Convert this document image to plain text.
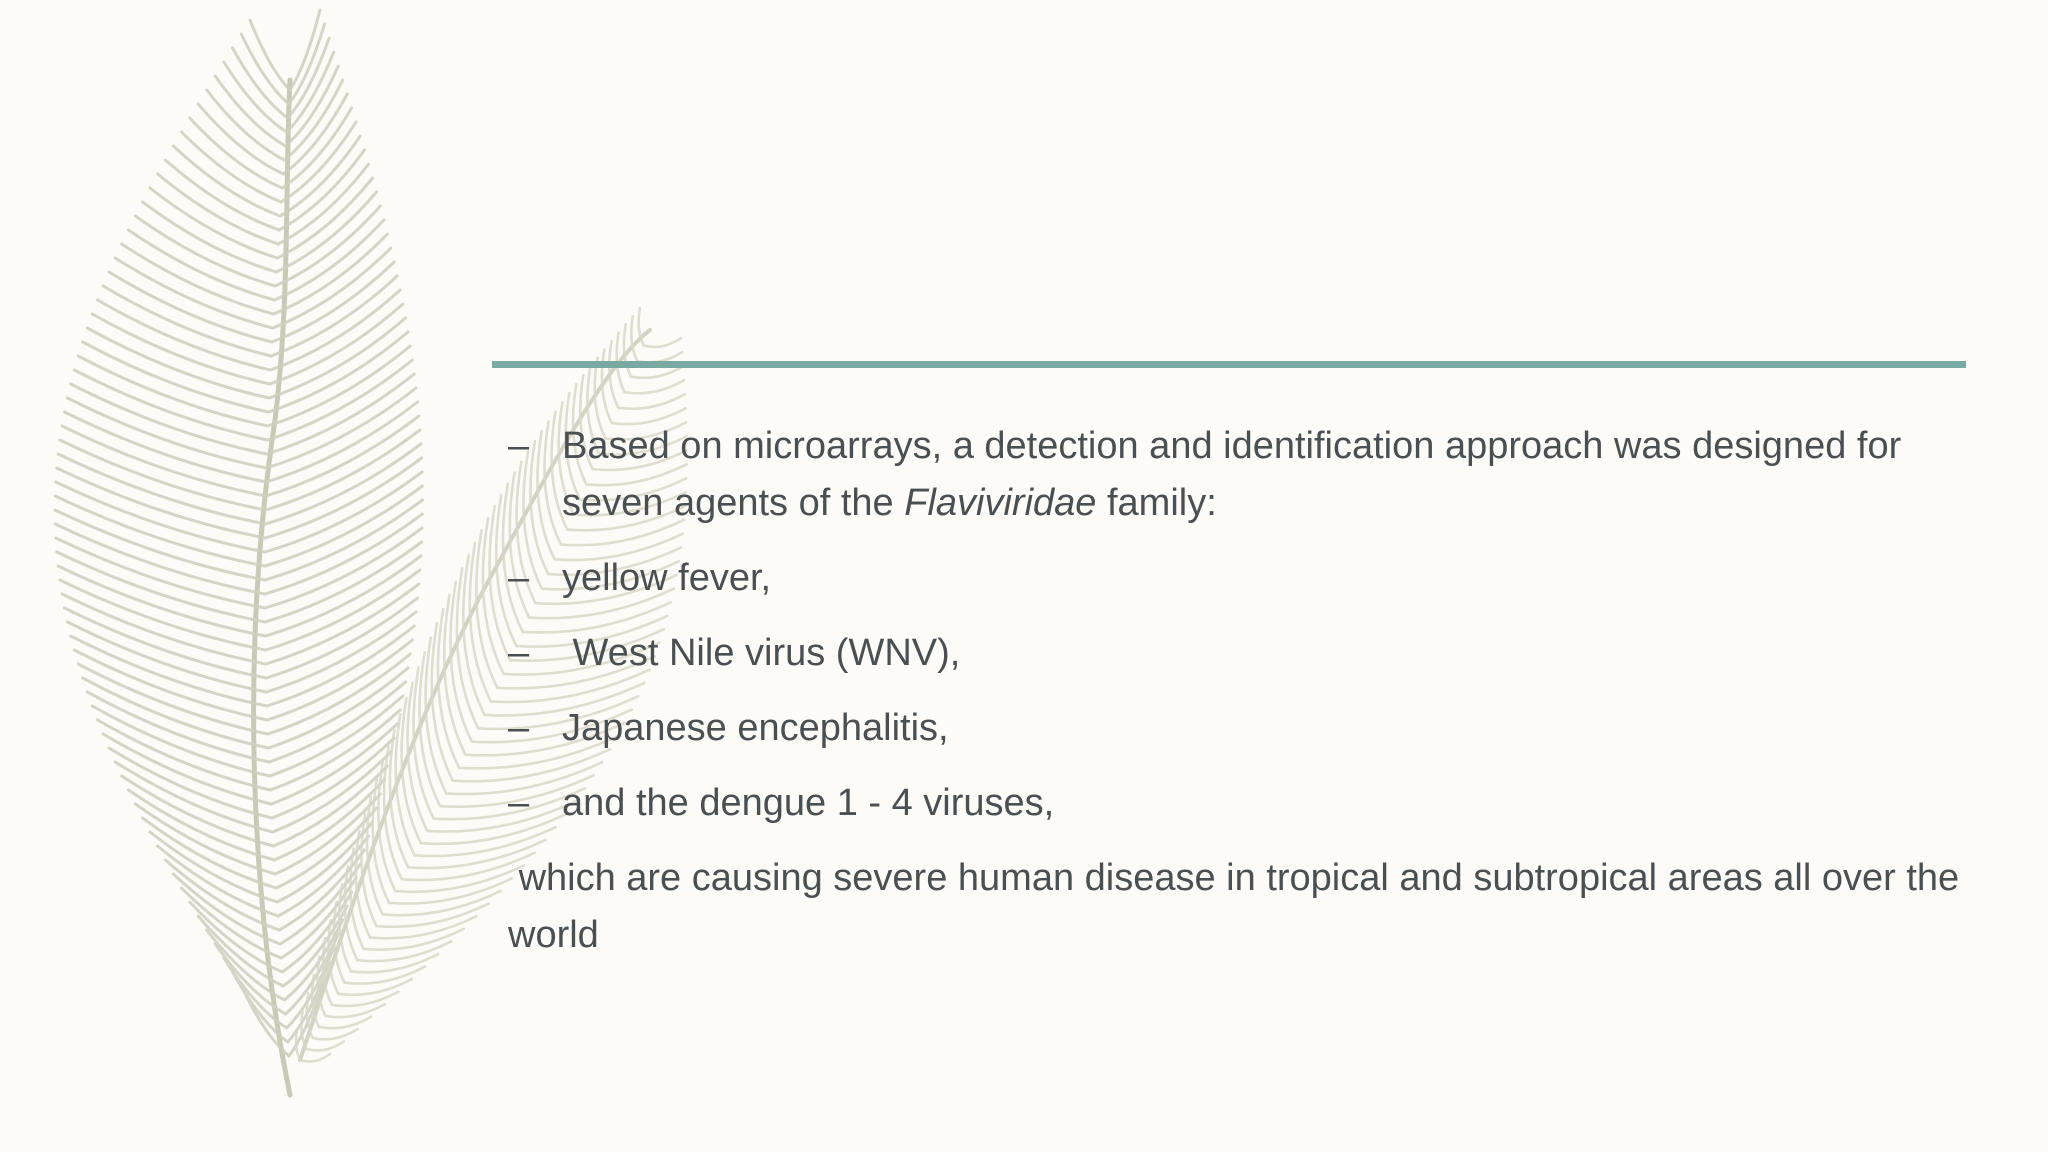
– Based on microarrays, a detection and identification approach was designed for seven agents of the Flaviviridae family:
– yellow fever,
– West Nile virus (WNV),
– Japanese encephalitis,
– and the dengue 1 - 4 viruses,
which are causing severe human disease in tropical and subtropical areas all over the world
